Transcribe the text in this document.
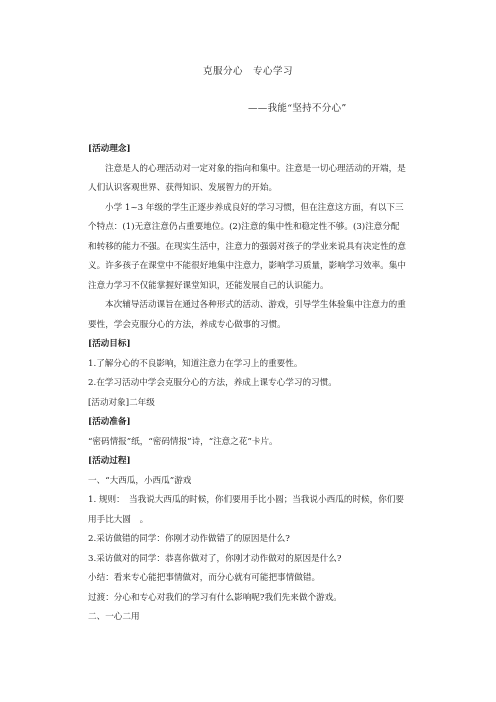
克服分心　专心学习
——我能“坚持不分心”

[活动理念]

注意是人的心理活动对一定对象的指向和集中。注意是一切心理活动的开端，是人们认识客观世界、获得知识、发展智力的开始。

小学 1~3 年级的学生正逐步养成良好的学习习惯，但在注意这方面，有以下三个特点：(1)无意注意仍占重要地位。(2)注意的集中性和稳定性不够。(3)注意分配和转移的能力不强。在现实生活中，注意力的强弱对孩子的学业来说具有决定性的意义。许多孩子在课堂中不能很好地集中注意力，影响学习质量，影响学习效率。集中注意力学习不仅能掌握好课堂知识，还能发展自己的认识能力。

本次辅导活动课旨在通过各种形式的活动、游戏，引导学生体验集中注意力的重要性，学会克服分心的方法，养成专心做事的习惯。

[活动目标]

1.了解分心的不良影响，知道注意力在学习上的重要性。

2.在学习活动中学会克服分心的方法，养成上课专心学习的习惯。

[活动对象]二年级

[活动准备]

“密码情报”纸，“密码情报”诗，“注意之花”卡片。

[活动过程]

一、“大西瓜，小西瓜”游戏

1. 规则：　当我说大西瓜的时候，你们要用手比小圆；当我说小西瓜的时候，你们要用手比大圆　。

2.采访做错的同学：你刚才动作做错了的原因是什么?

3.采访做对的同学：恭喜你做对了，你刚才动作做对的原因是什么?

小结：看来专心能把事情做对，而分心就有可能把事情做错。

过渡：分心和专心对我们的学习有什么影响呢?我们先来做个游戏。

二、一心二用
